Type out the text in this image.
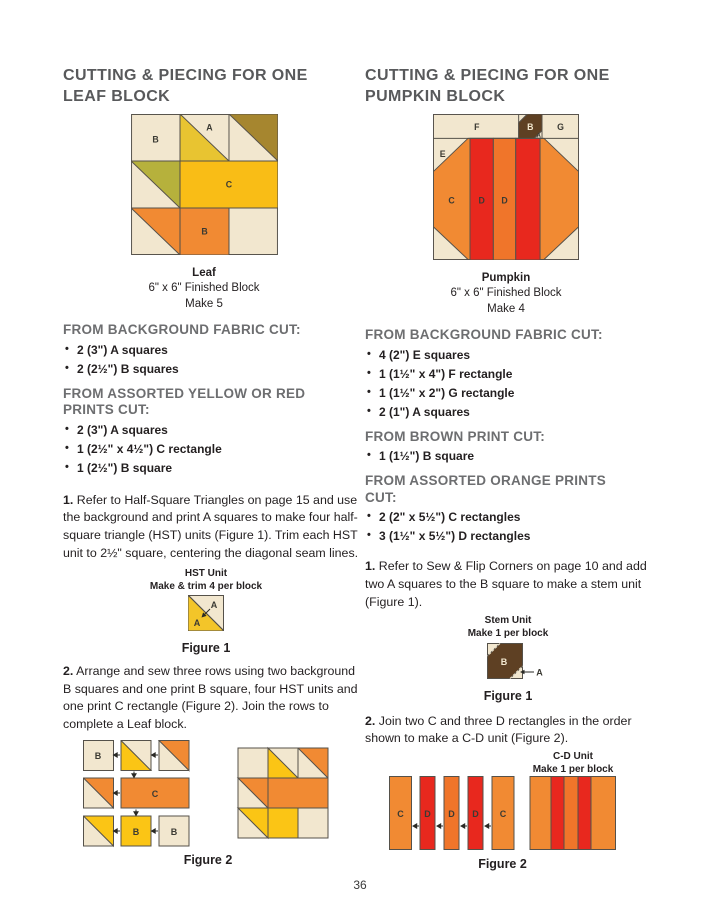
CUTTING & PIECING FOR ONE LEAF BLOCK
B
A
C
B
Leaf
6" x 6" Finished Block
Make 5
FROM BACKGROUND FABRIC CUT:
• 2 (3") A squares
• 2 (2½") B squares
FROM ASSORTED YELLOW OR RED PRINTS CUT:
• 2 (3") A squares
• 1 (2½" x 4½") C rectangle
• 1 (2½") B square

1. Refer to Half-Square Triangles on page 15 and use the background and print A squares to make four half-square triangle (HST) units (Figure 1). Trim each HST unit to 2½" square, centering the diagonal seam lines.

HST Unit
Make & trim 4 per block
A
A
Figure 1

2. Arrange and sew three rows using two background B squares and one print B square, four HST units and one print C rectangle (Figure 2). Join the rows to complete a Leaf block.

B
C
B	B
Figure 2
CUTTING & PIECING FOR ONE PUMPKIN BLOCK
F	B	G
A
E
C	D D
Pumpkin
6" x 6" Finished Block
Make 4
FROM BACKGROUND FABRIC CUT:
• 4 (2") E squares
• 1 (1½" x 4") F rectangle
• 1 (1½" x 2") G rectangle
• 2 (1") A squares
FROM BROWN PRINT CUT:
• 1 (1½") B square
FROM ASSORTED ORANGE PRINTS CUT:
• 2 (2" x 5½") C rectangles
• 3 (1½" x 5½") D rectangles

1. Refer to Sew & Flip Corners on page 10 and add two A squares to the B square to make a stem unit (Figure 1).

Stem Unit
Make 1 per block
B
A
Figure 1

2. Join two C and three D rectangles in the order shown to make a C-D unit (Figure 2).

C-D Unit
Make 1 per block
C D D D C
Figure 2
36
